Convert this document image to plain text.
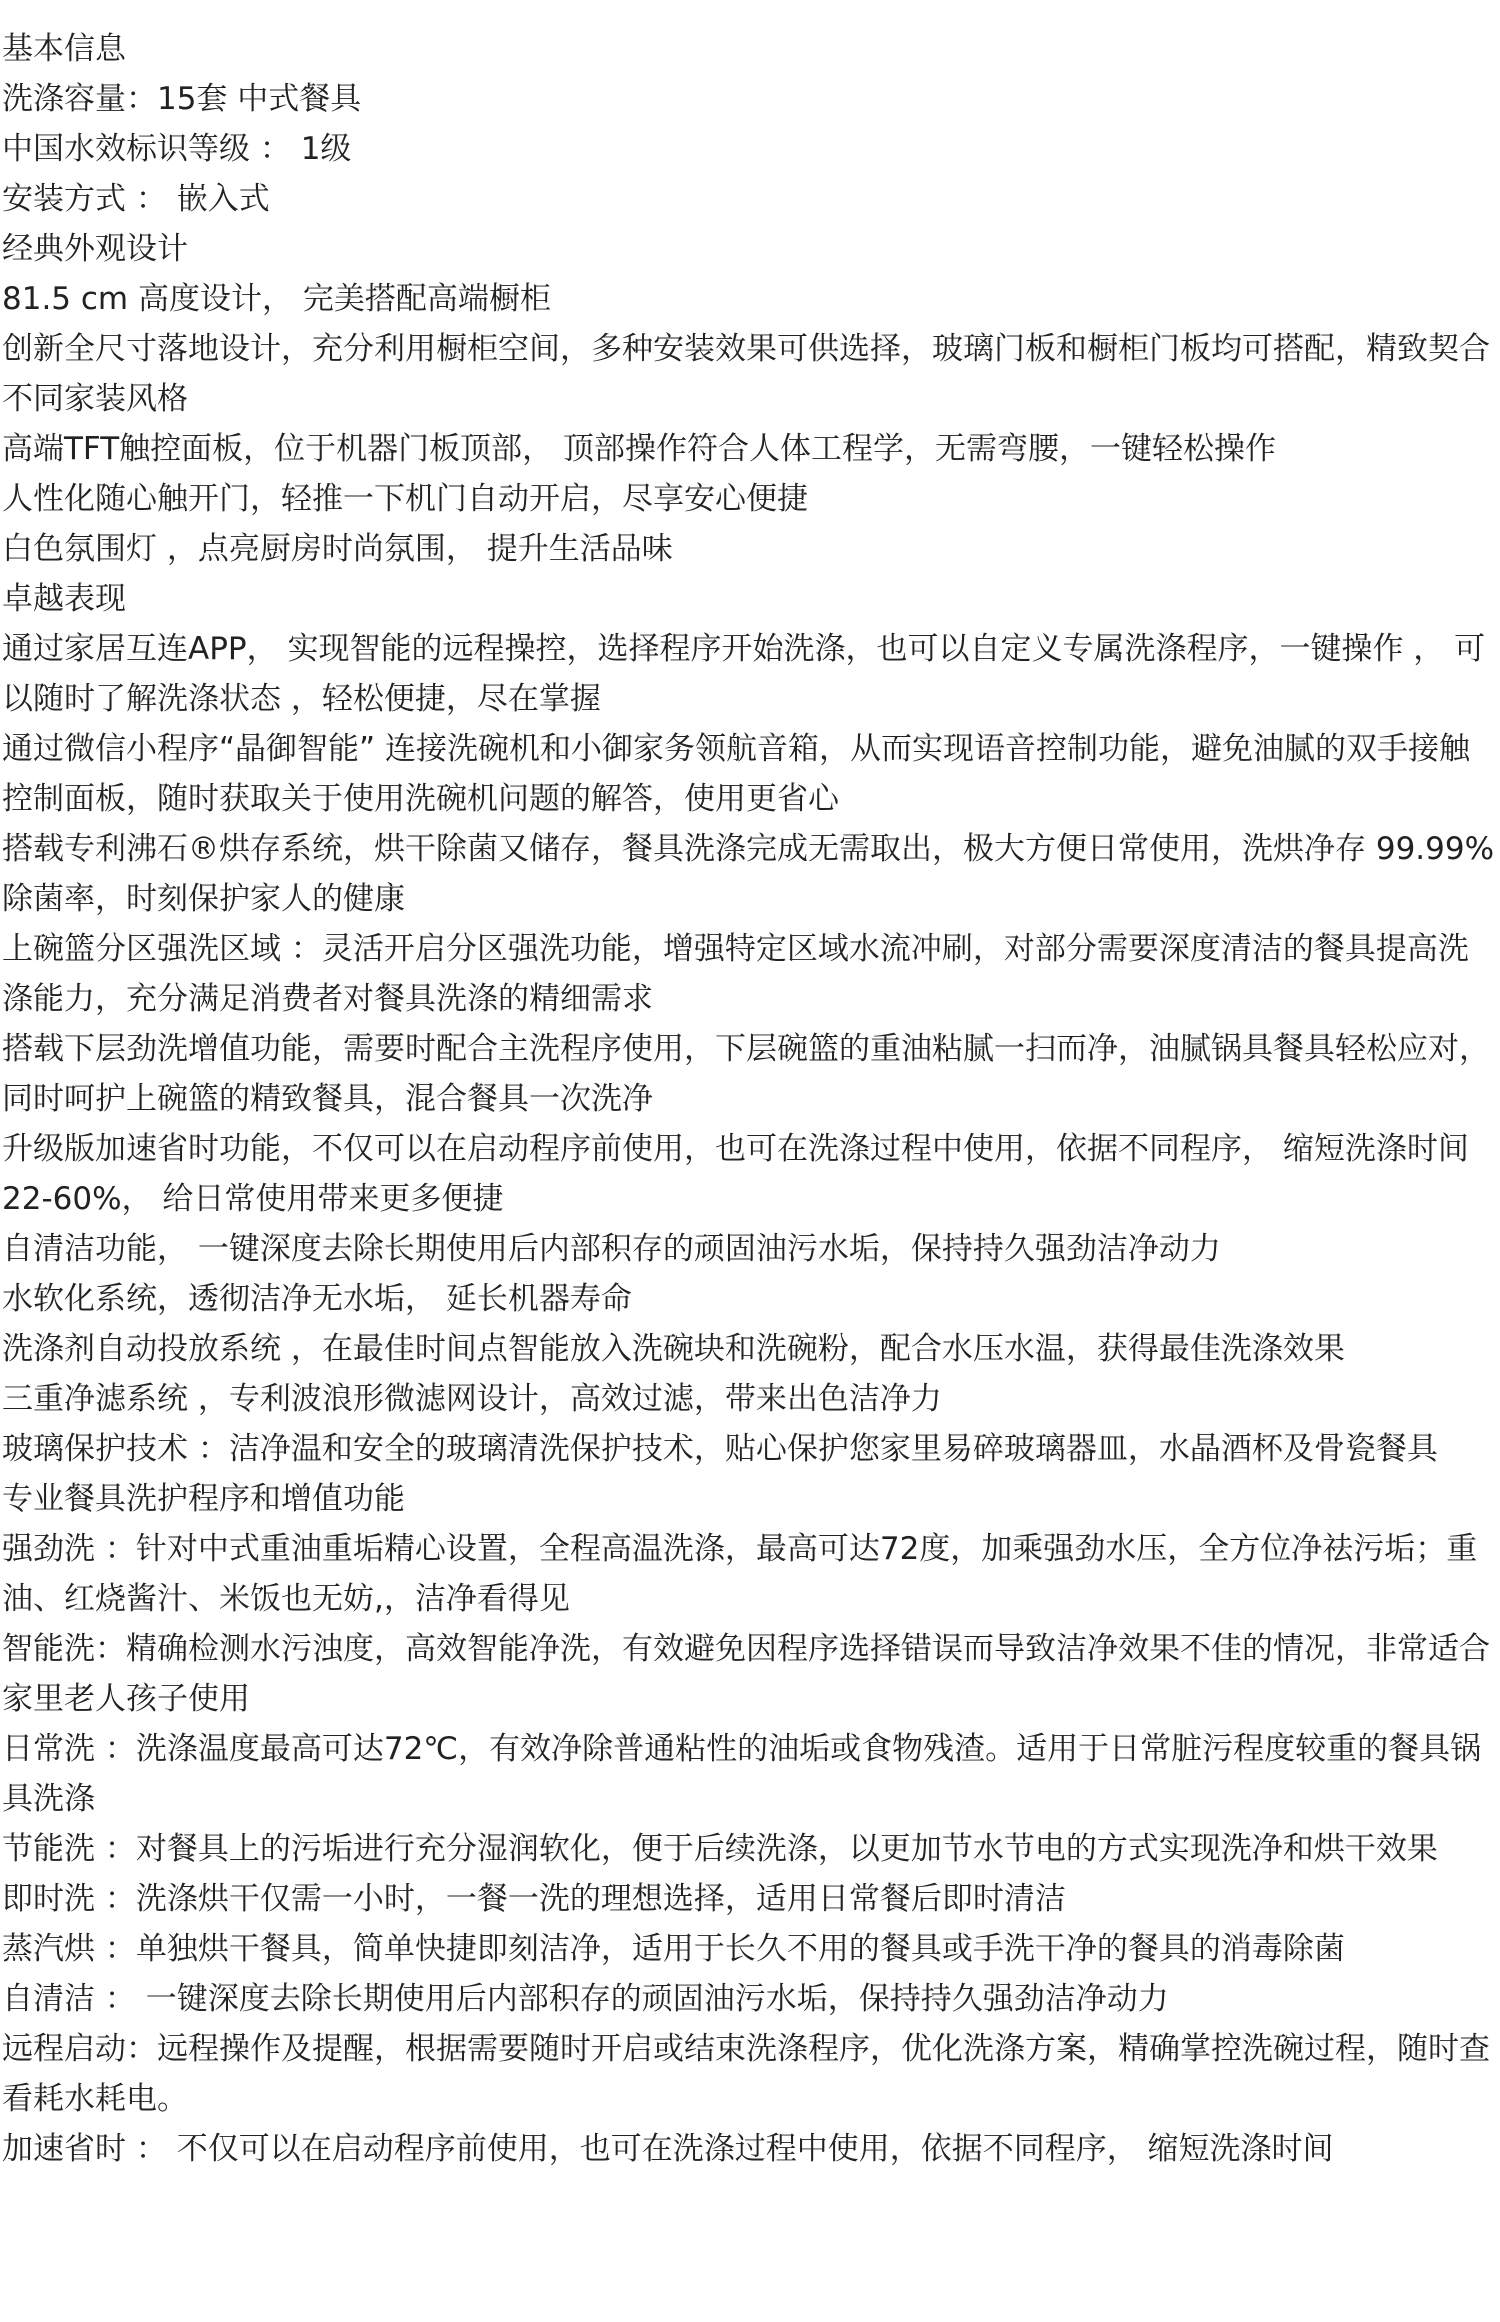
基本信息

洗涤容量：15套 中式餐具

中国水效标识等级 ： 1级

安装方式 ： 嵌入式

经典外观设计

81.5 cm 高度设计， 完美搭配高端橱柜

创新全尺寸落地设计，充分利用橱柜空间，多种安装效果可供选择，玻璃门板和橱柜门板均可搭配，精致契合不同家装风格

高端TFT触控面板，位于机器门板顶部， 顶部操作符合人体工程学，无需弯腰，一键轻松操作

人性化随心触开门，轻推一下机门自动开启，尽享安心便捷

白色氛围灯 ，点亮厨房时尚氛围， 提升生活品味

卓越表现

通过家居互连APP， 实现智能的远程操控，选择程序开始洗涤，也可以自定义专属洗涤程序，一键操作 ， 可以随时了解洗涤状态 ，轻松便捷，尽在掌握

通过微信小程序“晶御智能” 连接洗碗机和小御家务领航音箱，从而实现语音控制功能，避免油腻的双手接触控制面板，随时获取关于使用洗碗机问题的解答，使用更省心

搭载专利沸石®烘存系统，烘干除菌又储存，餐具洗涤完成无需取出，极大方便日常使用，洗烘净存 99.99% 除菌率，时刻保护家人的健康

上碗篮分区强洗区域 ：灵活开启分区强洗功能，增强特定区域水流冲刷，对部分需要深度清洁的餐具提高洗涤能力，充分满足消费者对餐具洗涤的精细需求

搭载下层劲洗增值功能，需要时配合主洗程序使用，下层碗篮的重油粘腻一扫而净，油腻锅具餐具轻松应对，同时呵护上碗篮的精致餐具，混合餐具一次洗净

升级版加速省时功能，不仅可以在启动程序前使用，也可在洗涤过程中使用，依据不同程序， 缩短洗涤时间 22-60%， 给日常使用带来更多便捷

自清洁功能， 一键深度去除长期使用后内部积存的顽固油污水垢，保持持久强劲洁净动力

水软化系统，透彻洁净无水垢， 延长机器寿命

洗涤剂自动投放系统 ，在最佳时间点智能放入洗碗块和洗碗粉，配合水压水温，获得最佳洗涤效果

三重净滤系统 ，专利波浪形微滤网设计，高效过滤，带来出色洁净力

玻璃保护技术 ：洁净温和安全的玻璃清洗保护技术，贴心保护您家里易碎玻璃器皿，水晶酒杯及骨瓷餐具

专业餐具洗护程序和增值功能

强劲洗 ：针对中式重油重垢精心设置，全程高温洗涤，最高可达72度，加乘强劲水压，全方位净祛污垢；重油、红烧酱汁、米饭也无妨,，洁净看得见

智能洗：精确检测水污浊度，高效智能净洗，有效避免因程序选择错误而导致洁净效果不佳的情况，非常适合家里老人孩子使用

日常洗 ：洗涤温度最高可达72℃，有效净除普通粘性的油垢或食物残渣。适用于日常脏污程度较重的餐具锅具洗涤

节能洗 ：对餐具上的污垢进行充分湿润软化，便于后续洗涤，以更加节水节电的方式实现洗净和烘干效果

即时洗 ：洗涤烘干仅需一小时，一餐一洗的理想选择，适用日常餐后即时清洁

蒸汽烘 ：单独烘干餐具，简单快捷即刻洁净，适用于长久不用的餐具或手洗干净的餐具的消毒除菌

自清洁 ： 一键深度去除长期使用后内部积存的顽固油污水垢，保持持久强劲洁净动力

远程启动：远程操作及提醒，根据需要随时开启或结束洗涤程序，优化洗涤方案，精确掌控洗碗过程，随时查看耗水耗电。

加速省时 ： 不仅可以在启动程序前使用，也可在洗涤过程中使用，依据不同程序， 缩短洗涤时间
